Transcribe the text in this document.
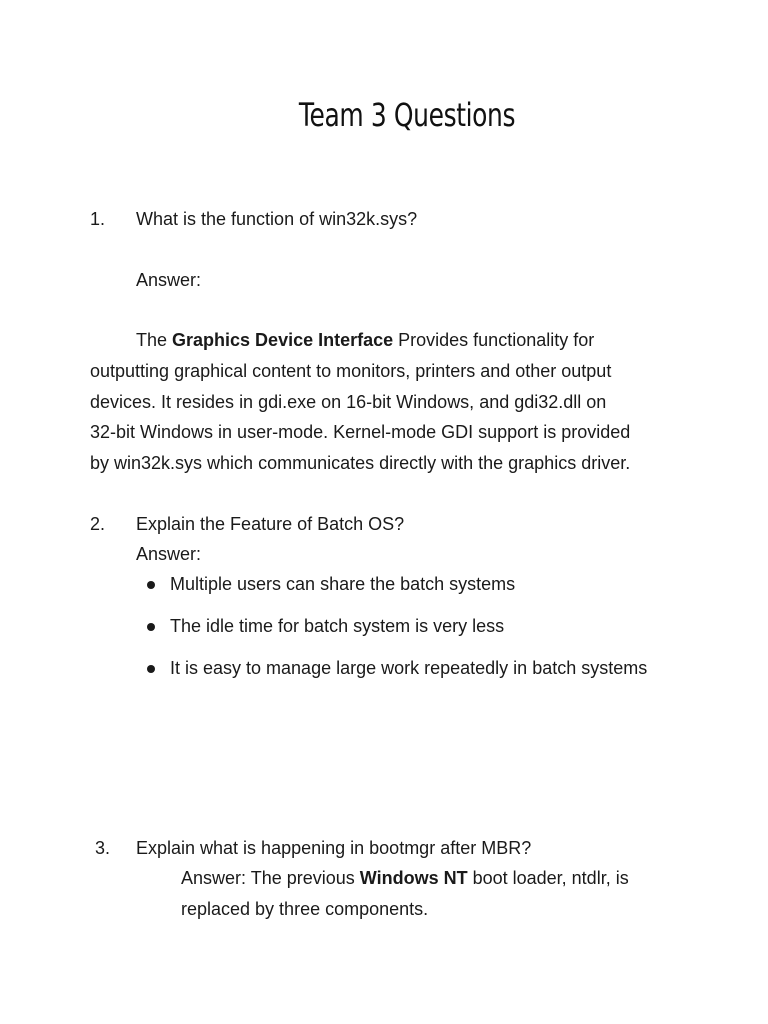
Team 3 Questions
1. What is the function of win32k.sys?
Answer:
The Graphics Device Interface Provides functionality for
outputting graphical content to monitors, printers and other output
devices. It resides in gdi.exe on 16-bit Windows, and gdi32.dll on
32-bit Windows in user-mode. Kernel-mode GDI support is provided
by win32k.sys which communicates directly with the graphics driver.
2. Explain the Feature of Batch OS?
Answer:
Multiple users can share the batch systems
The idle time for batch system is very less
It is easy to manage large work repeatedly in batch systems
3. Explain what is happening in bootmgr after MBR?
Answer: The previous Windows NT boot loader, ntdlr, is
replaced by three components.
